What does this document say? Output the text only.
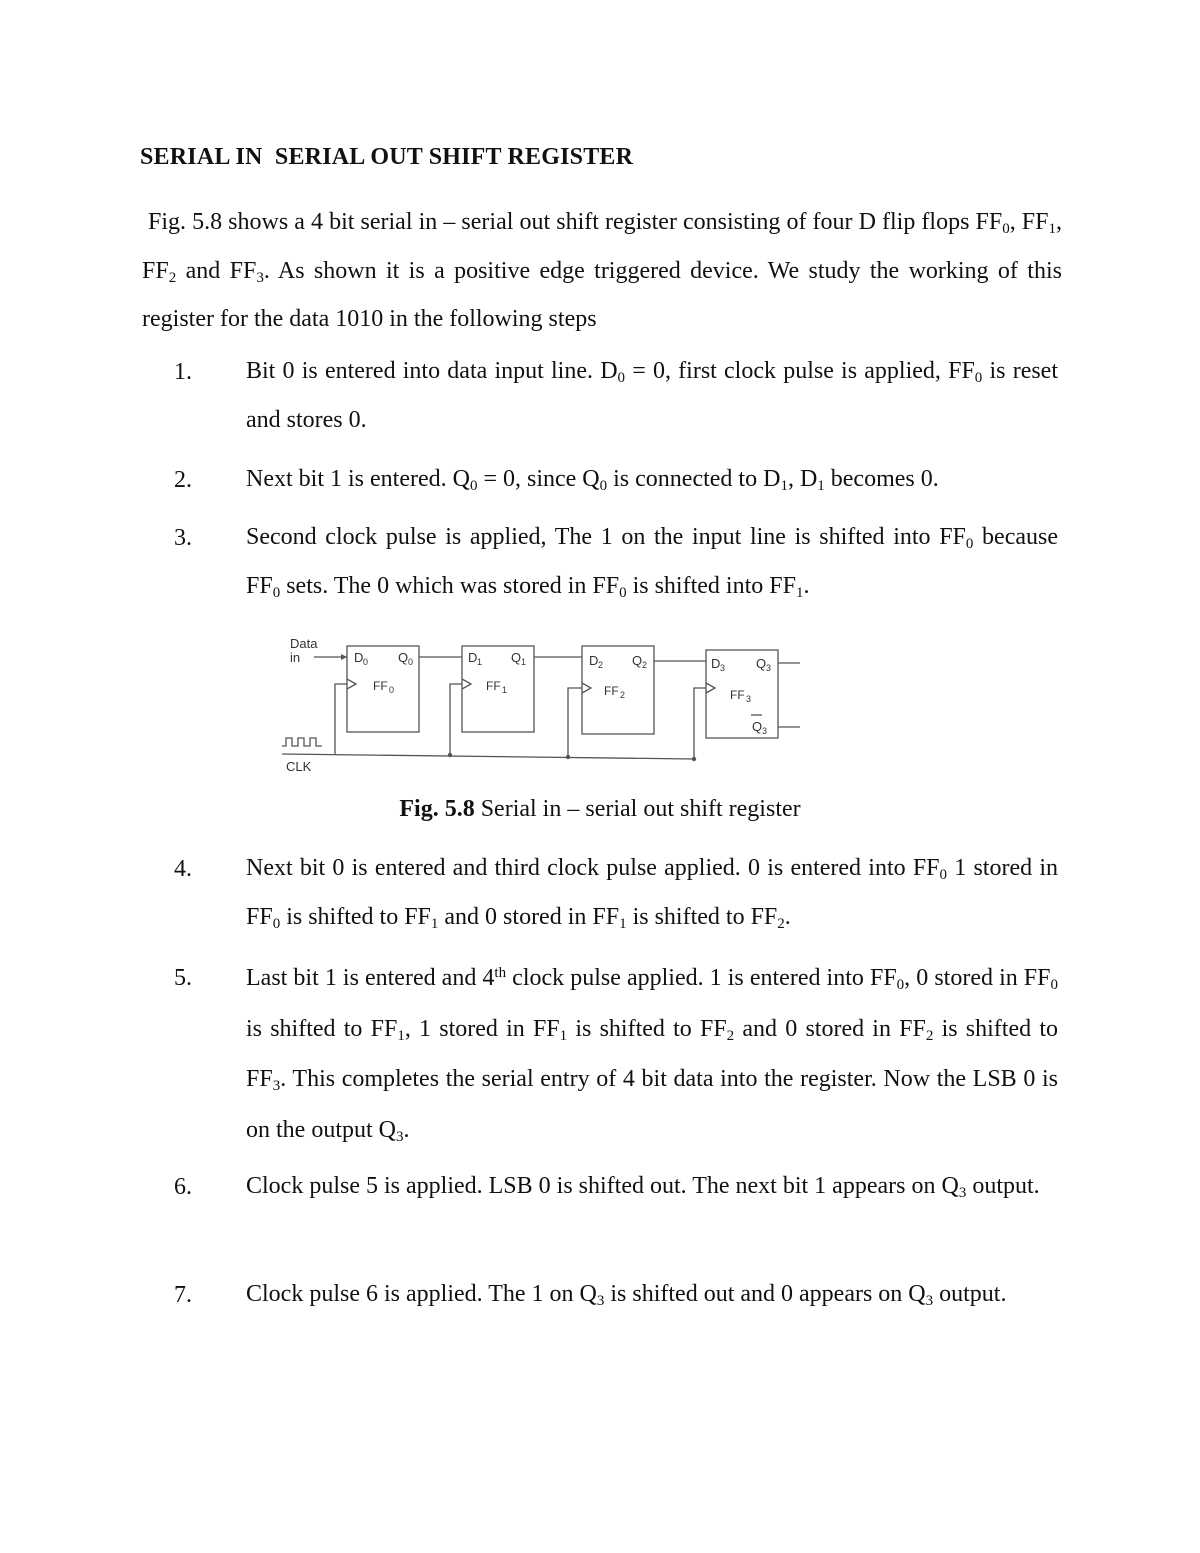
SERIAL IN  SERIAL OUT SHIFT REGISTER
Fig. 5.8 shows a 4 bit serial in – serial out shift register consisting of four D flip flops $FF_0$, $FF_1$, $FF_2$ and $FF_3$. As shown it is a positive edge triggered device. We study the working of this register for the data 1010 in the following steps
1.	Bit 0 is entered into data input line. $D_0 = 0$, first clock pulse is applied, $FF_0$ is reset and stores 0.
2.	Next bit 1 is entered. $Q_0 = 0$, since $Q_0$ is connected to $D_1$, $D_1$ becomes 0.
3.	Second clock pulse is applied, The 1 on the input line is shifted into $FF_0$ because $FF_0$ sets. The 0 which was stored in $FF_0$ is shifted into $FF_1$.
Data
in
CLK
D 0 Q 0
FF 0
D 1 Q 1
FF 1
D 2 Q 2
FF 2
D 3 Q 3
FF 3
Q 3
Fig. 5.8 Serial in – serial out shift register
4.	Next bit 0 is entered and third clock pulse applied. 0 is entered into $FF_0$ 1 stored in $FF_0$ is shifted to $FF_1$ and 0 stored in $FF_1$ is shifted to $FF_2$.
5.	Last bit 1 is entered and 4th clock pulse applied. 1 is entered into $FF_0$, 0 stored in $FF_0$ is shifted to $FF_1$, 1 stored in $FF_1$ is shifted to $FF_2$ and 0 stored in $FF_2$ is shifted to $FF_3$. This completes the serial entry of 4 bit data into the register. Now the LSB 0 is on the output $Q_3$.
6.	Clock pulse 5 is applied. LSB 0 is shifted out. The next bit 1 appears on $Q_3$ output.
7.	Clock pulse 6 is applied. The 1 on $Q_3$ is shifted out and 0 appears on $Q_3$ output.
